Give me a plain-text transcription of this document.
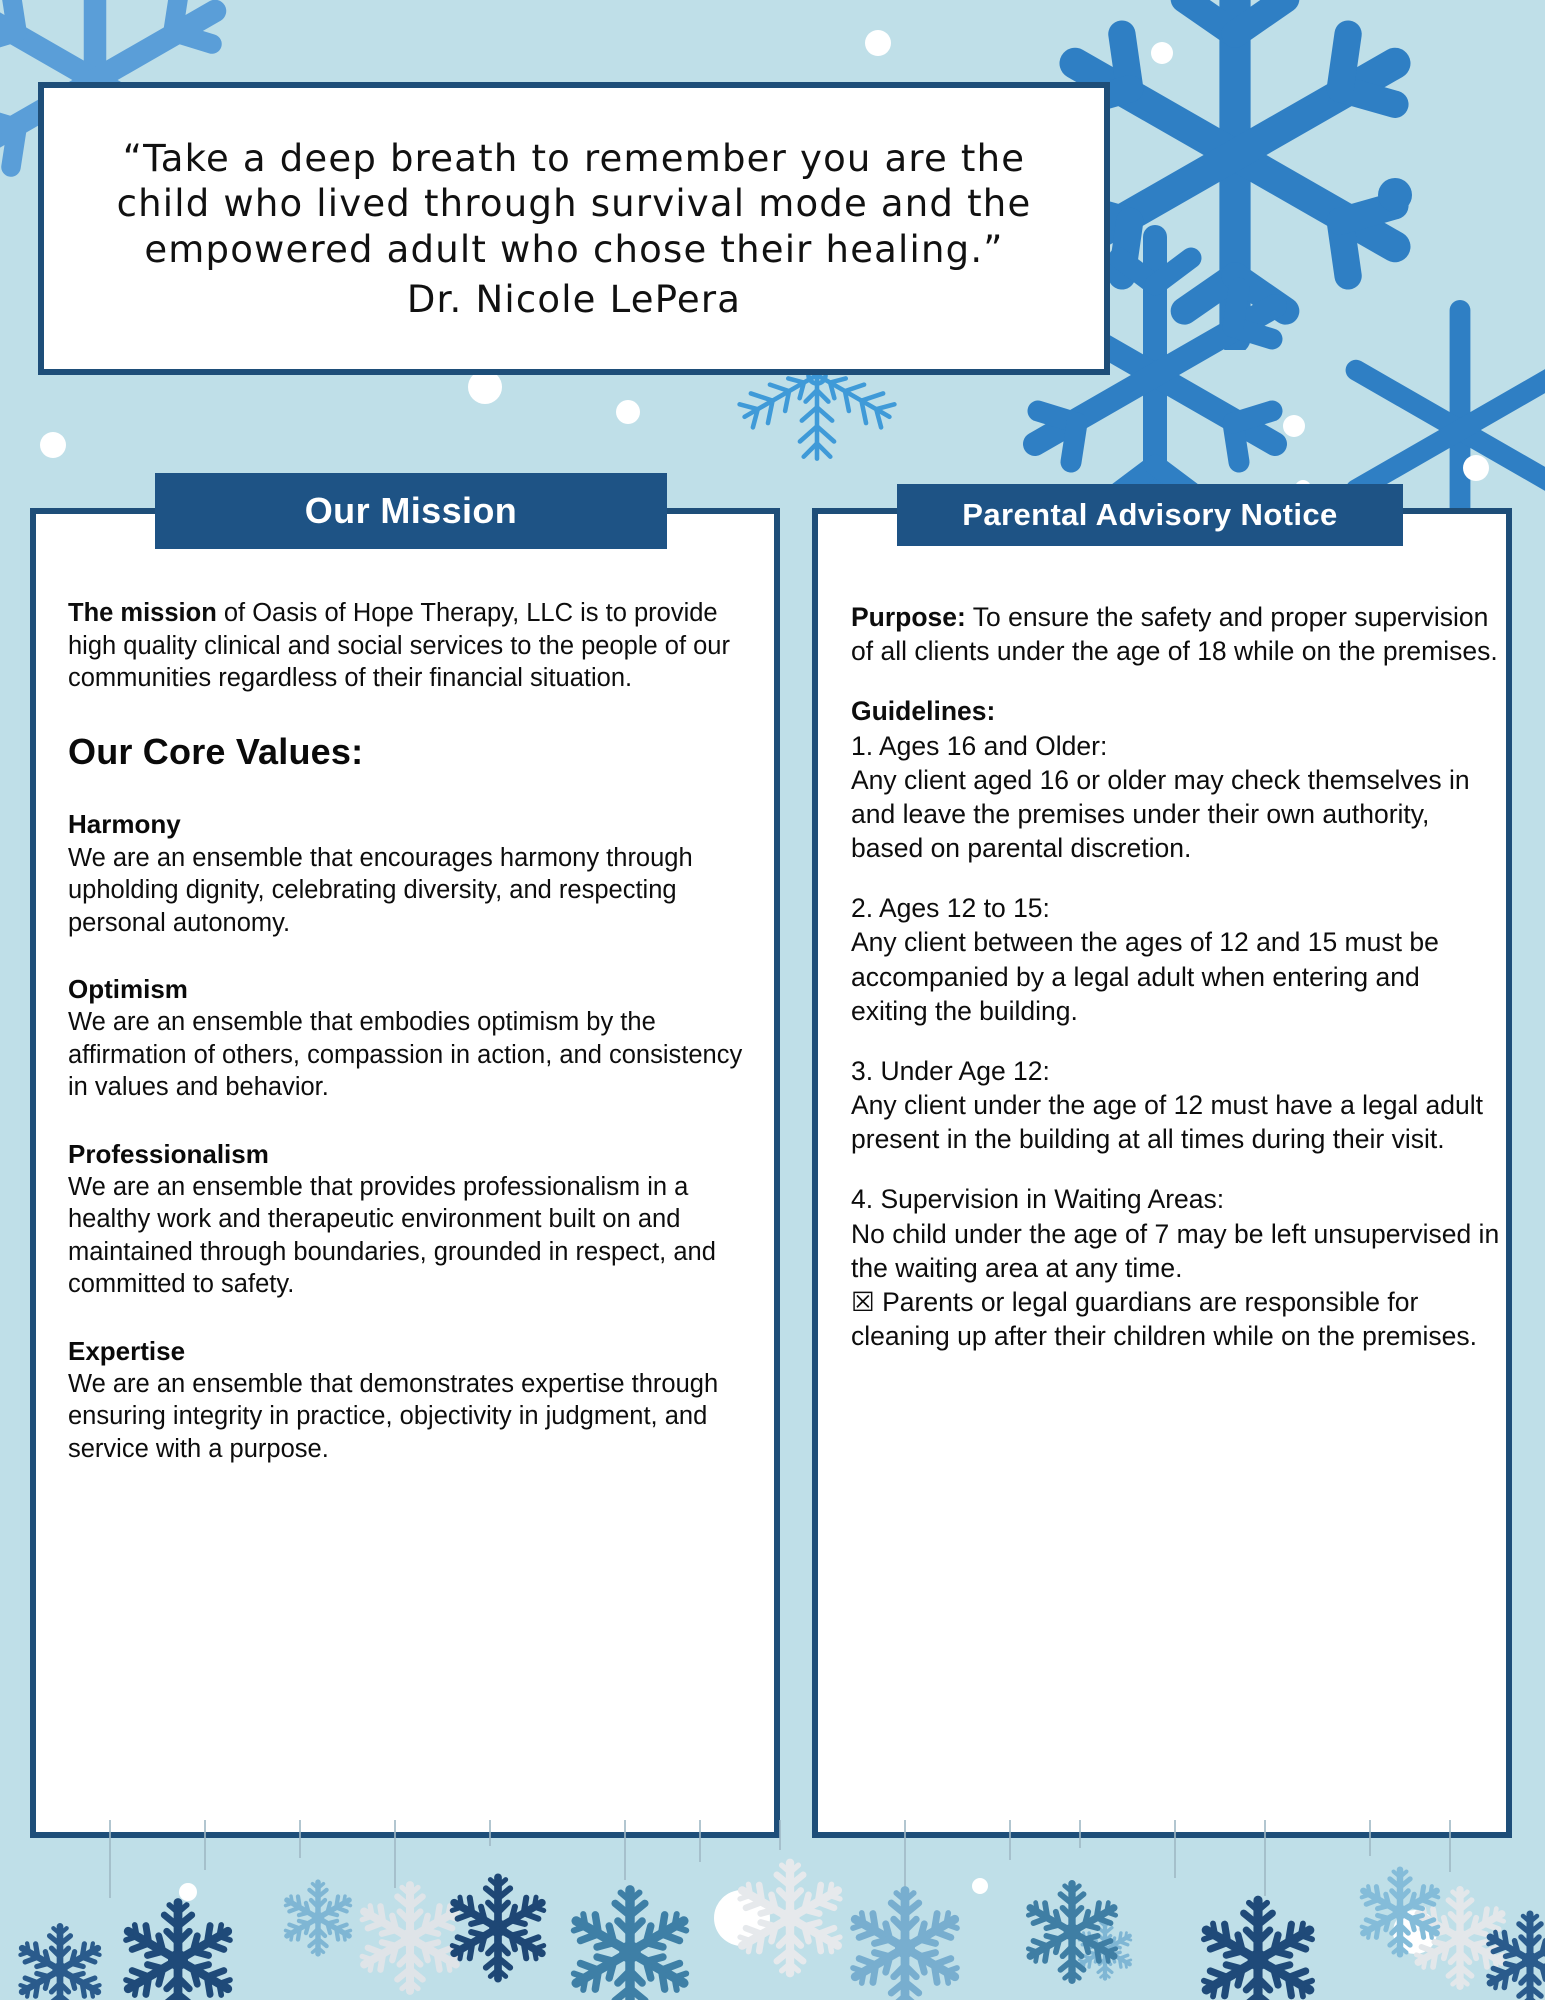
“Take a deep breath to remember you are the child who lived through survival mode and the empowered adult who chose their healing.”

Dr. Nicole LePera

Our Mission

The mission of Oasis of Hope Therapy, LLC is to provide high quality clinical and social services to the people of our communities regardless of their financial situation.

Our Core Values:

Harmony

We are an ensemble that encourages harmony through upholding dignity, celebrating diversity, and respecting personal autonomy.

Optimism

We are an ensemble that embodies optimism by the affirmation of others, compassion in action, and consistency in values and behavior.

Professionalism

We are an ensemble that provides professionalism in a healthy work and therapeutic environment built on and maintained through boundaries, grounded in respect, and committed to safety.

Expertise

We are an ensemble that demonstrates expertise through ensuring integrity in practice, objectivity in judgment, and service with a purpose.

Parental Advisory Notice

Purpose: To ensure the safety and proper supervision of all clients under the age of 18 while on the premises.

Guidelines:

1. Ages 16 and Older:

Any client aged 16 or older may check themselves in and leave the premises under their own authority, based on parental discretion.

2. Ages 12 to 15:

Any client between the ages of 12 and 15 must be accompanied by a legal adult when entering and exiting the building.

3. Under Age 12:

Any client under the age of 12 must have a legal adult present in the building at all times during their visit.

4. Supervision in Waiting Areas:

No child under the age of 7 may be left unsupervised in the waiting area at any time.

☒ Parents or legal guardians are responsible for cleaning up after their children while on the premises.
